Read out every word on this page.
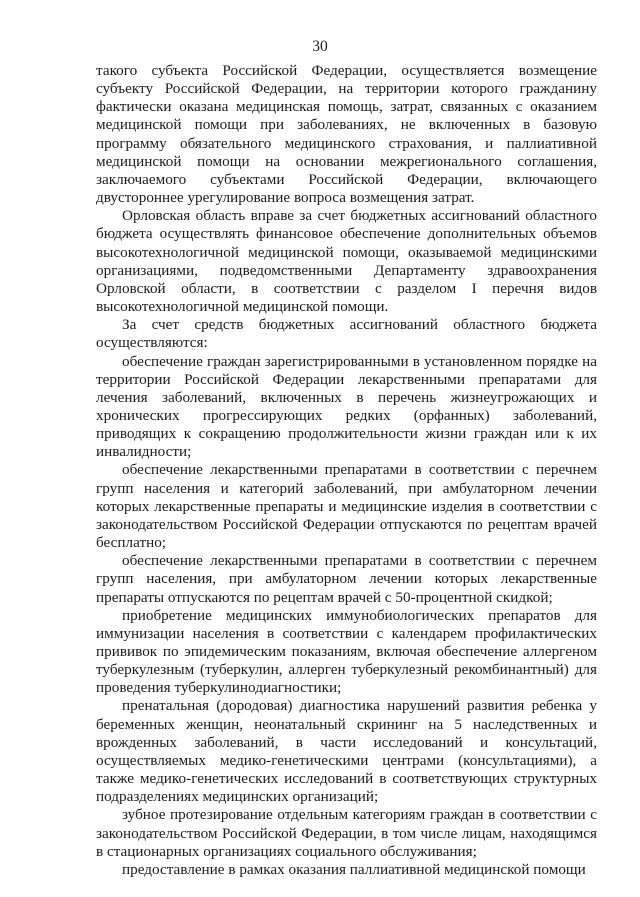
30

такого субъекта Российской Федерации, осуществляется возмещение субъекту Российской Федерации, на территории которого гражданину фактически оказана медицинская помощь, затрат, связанных с оказанием медицинской помощи при заболеваниях, не включенных в базовую программу обязательного медицинского страхования, и паллиативной медицинской помощи на основании межрегионального соглашения, заключаемого субъектами Российской Федерации, включающего двустороннее урегулирование вопроса возмещения затрат.

Орловская область вправе за счет бюджетных ассигнований областного бюджета осуществлять финансовое обеспечение дополнительных объемов высокотехнологичной медицинской помощи, оказываемой медицинскими организациями, подведомственными Департаменту здравоохранения Орловской области, в соответствии с разделом I перечня видов высокотехнологичной медицинской помощи.

За счет средств бюджетных ассигнований областного бюджета осуществляются:

обеспечение граждан зарегистрированными в установленном порядке на территории Российской Федерации лекарственными препаратами для лечения заболеваний, включенных в перечень жизнеугрожающих и хронических прогрессирующих редких (орфанных) заболеваний, приводящих к сокращению продолжительности жизни граждан или к их инвалидности;

обеспечение лекарственными препаратами в соответствии с перечнем групп населения и категорий заболеваний, при амбулаторном лечении которых лекарственные препараты и медицинские изделия в соответствии с законодательством Российской Федерации отпускаются по рецептам врачей бесплатно;

обеспечение лекарственными препаратами в соответствии с перечнем групп населения, при амбулаторном лечении которых лекарственные препараты отпускаются по рецептам врачей с 50-процентной скидкой;

приобретение медицинских иммунобиологических препаратов для иммунизации населения в соответствии с календарем профилактических прививок по эпидемическим показаниям, включая обеспечение аллергеном туберкулезным (туберкулин, аллерген туберкулезный рекомбинантный) для проведения туберкулинодиагностики;

пренатальная (дородовая) диагностика нарушений развития ребенка у беременных женщин, неонатальный скрининг на 5 наследственных и врожденных заболеваний, в части исследований и консультаций, осуществляемых медико-генетическими центрами (консультациями), а также медико-генетических исследований в соответствующих структурных подразделениях медицинских организаций;

зубное протезирование отдельным категориям граждан в соответствии с законодательством Российской Федерации, в том числе лицам, находящимся в стационарных организациях социального обслуживания;

предоставление в рамках оказания паллиативной медицинской помощи
